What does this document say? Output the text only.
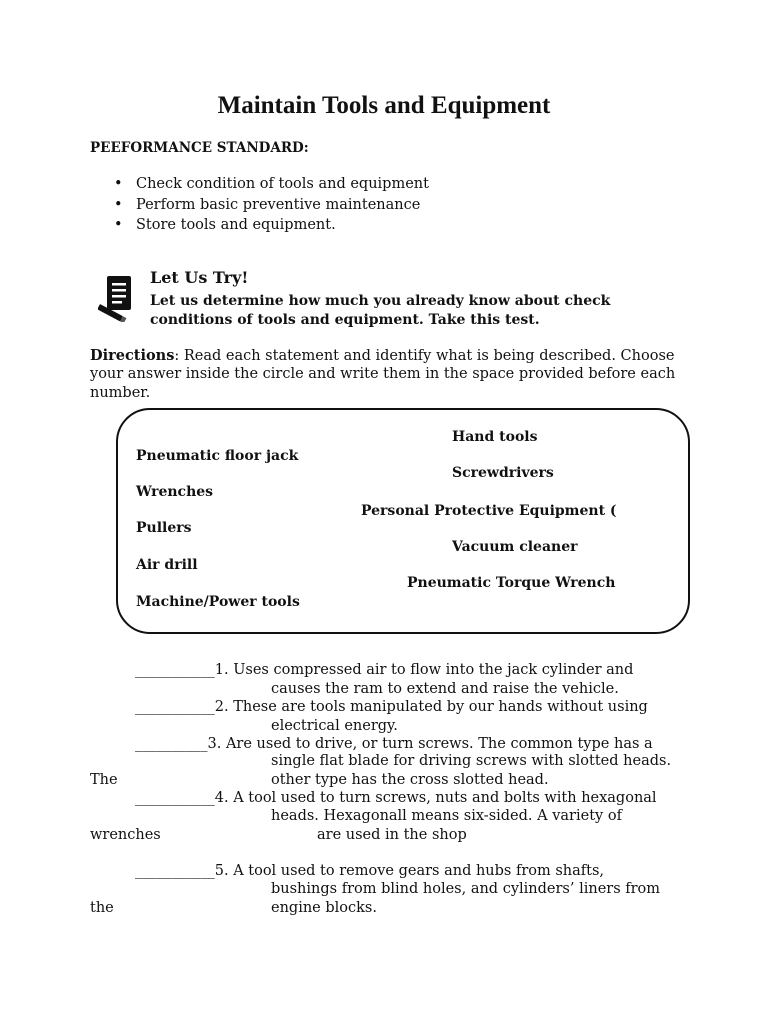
Maintain Tools and Equipment
PEEFORMANCE STANDARD:
• Check condition of tools and equipment
• Perform basic preventive maintenance
• Store tools and equipment.
Let Us Try!
Let us determine how much you already know about check
conditions of tools and equipment. Take this test.
Directions: Read each statement and identify what is being described. Choose
your answer inside the circle and write them in the space provided before each
number.
Hand tools
Pneumatic floor jack
Screwdrivers
Wrenches
Personal Protective Equipment (
Pullers
Vacuum cleaner
Air drill
Pneumatic Torque Wrench
Machine/Power tools
___________1. Uses compressed air to flow into the jack cylinder and
causes the ram to extend and raise the vehicle.
___________2. These are tools manipulated by our hands without using
electrical energy.
__________3. Are used to drive, or turn screws. The common type has a
single flat blade for driving screws with slotted heads.
The	other type has the cross slotted head.
___________4. A tool used to turn screws, nuts and bolts with hexagonal
heads. Hexagonall means six-sided. A variety of
wrenches	are used in the shop
___________5. A tool used to remove gears and hubs from shafts,
bushings from blind holes, and cylinders’ liners from
the	engine blocks.
